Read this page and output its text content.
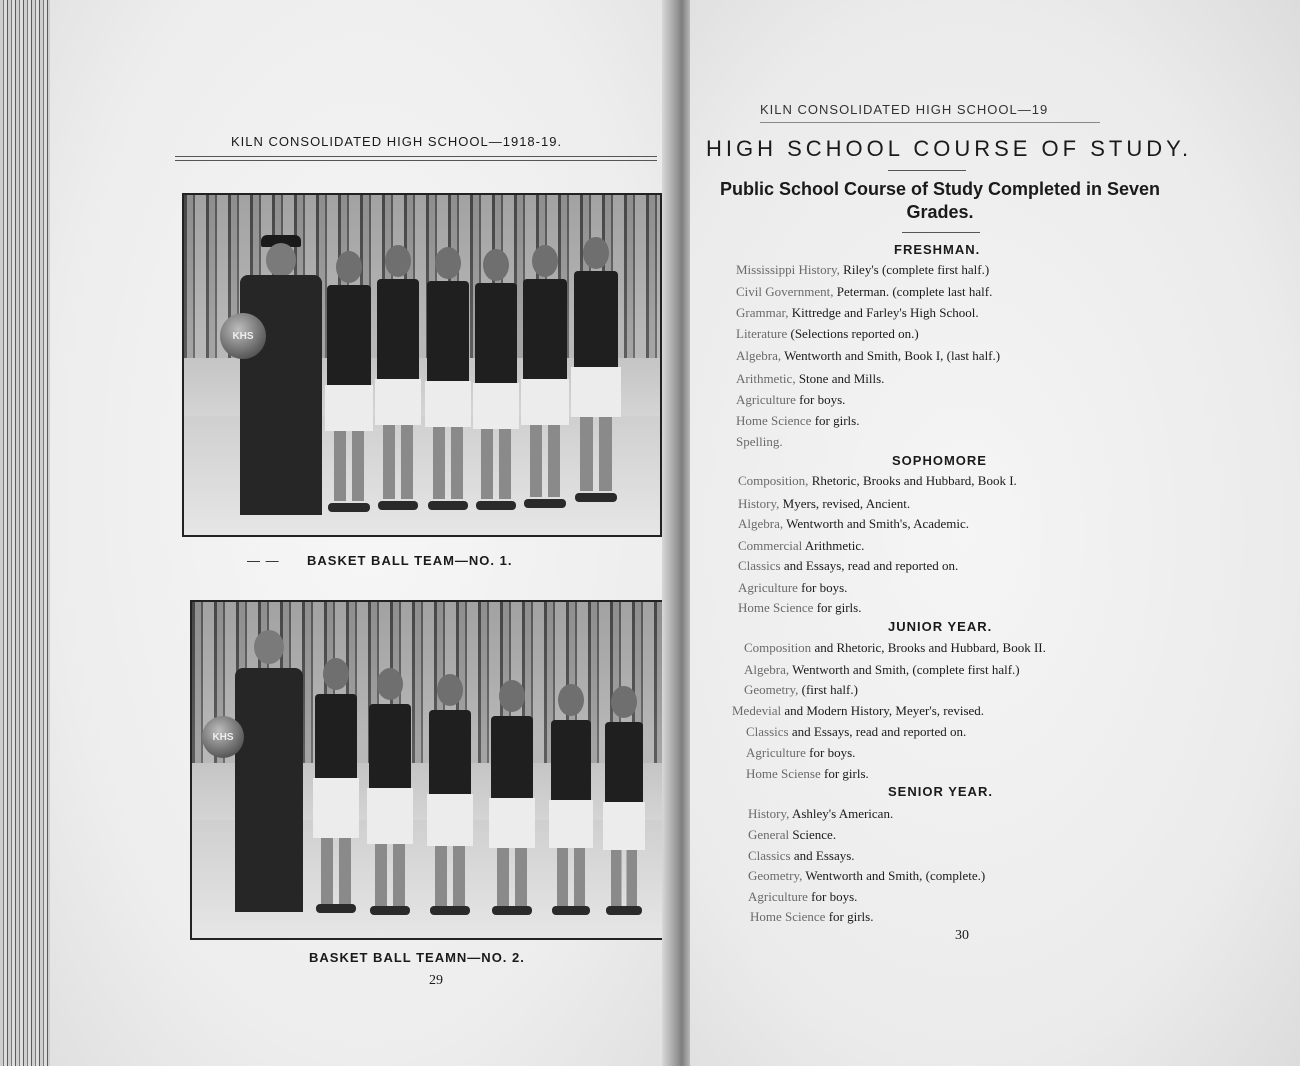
KILN CONSOLIDATED HIGH SCHOOL—1918-19.
KHS
— — BASKET BALL TEAM—NO. 1.
KHS
BASKET BALL TEAMN—NO. 2.
29
KILN CONSOLIDATED HIGH SCHOOL—19
HIGH SCHOOL COURSE OF STUDY.
Public School Course of Study Completed in Seven Grades.
FRESHMAN.
Mississippi History, Riley's (complete first half.)
Civil Government, Peterman. (complete last half.
Grammar, Kittredge and Farley's High School.
Literature (Selections reported on.)
Algebra, Wentworth and Smith, Book I, (last half.)
Arithmetic, Stone and Mills.
Agriculture for boys.
Home Science for girls.
Spelling.
SOPHOMORE
Composition, Rhetoric, Brooks and Hubbard, Book I.
History, Myers, revised, Ancient.
Algebra, Wentworth and Smith's, Academic.
Commercial Arithmetic.
Classics and Essays, read and reported on.
Agriculture for boys.
Home Science for girls.
JUNIOR YEAR.
Composition and Rhetoric, Brooks and Hubbard, Book II.
Algebra, Wentworth and Smith, (complete first half.)
Geometry, (first half.)
Medevial and Modern History, Meyer's, revised.
Classics and Essays, read and reported on.
Agriculture for boys.
Home Sciense for girls.
SENIOR YEAR.
History, Ashley's American.
General Science.
Classics and Essays.
Geometry, Wentworth and Smith, (complete.)
Agriculture for boys.
Home Science for girls.
30
